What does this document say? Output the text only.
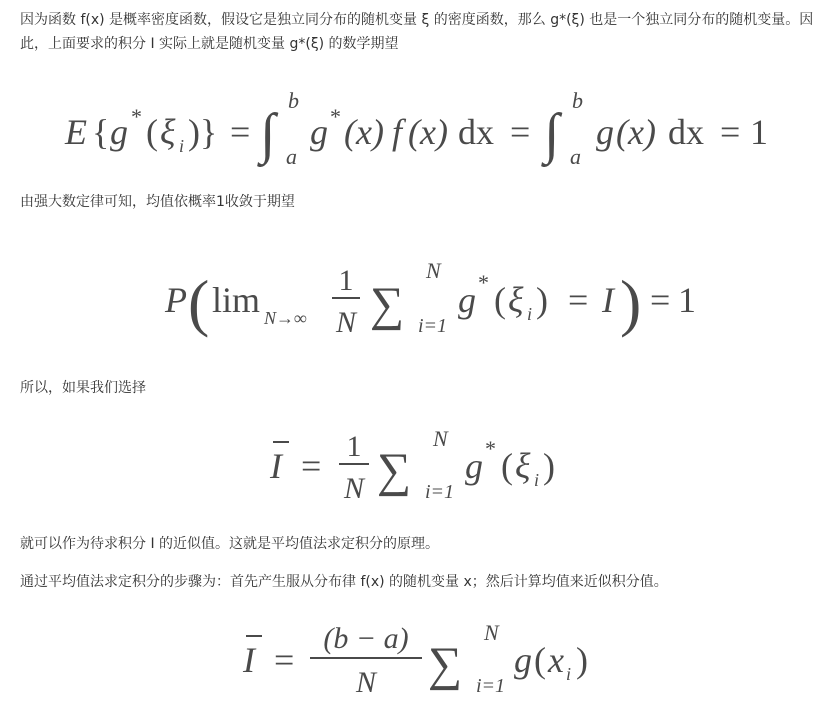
因为函数 f(x) 是概率密度函数，假设它是独立同分布的随机变量 ξ 的密度函数，那么 g*(ξ) 也是一个独立同分布的随机变量。因此，上面要求的积分 I 实际上就是随机变量 g*(ξ) 的数学期望
E { g * ( ξ i )} = ∫
b
a
g * (x) f (x) dx = ∫
b
a
g (x) dx = 1
由强大数定律可知，均值依概率1收敛于期望
P ( lim N→∞
1
N ∑
N
i=1
g * ( ξ i ) = I ) = 1
所以，如果我们选择
I = 1
N ∑
N
i=1
g * ( ξ i )
就可以作为待求积分 I 的近似值。这就是平均值法求定积分的原理。
通过平均值法求定积分的步骤为：首先产生服从分布律 f(x) 的随机变量 x；然后计算均值来近似积分值。
I =
(b − a)
N ∑
N
i=1
g ( x i )
